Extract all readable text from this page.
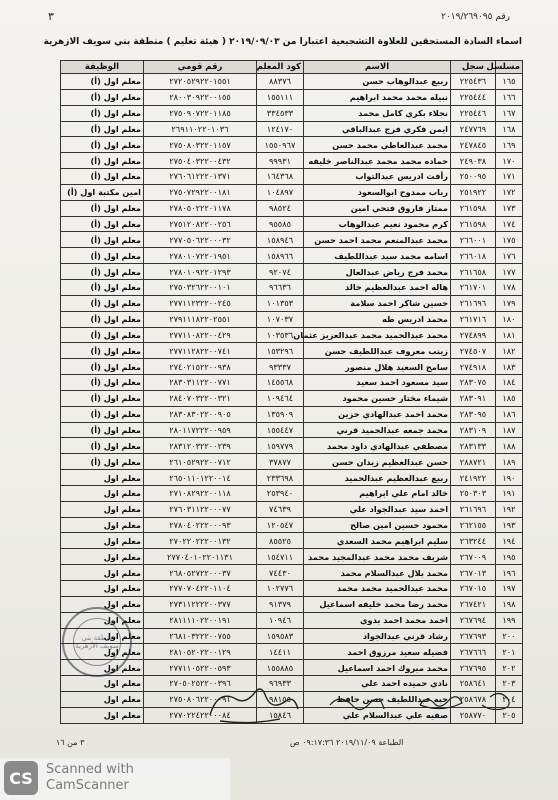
٣	رقم ٢٠١٩/٢٦٩٠٩٥
اسماء السادة المستحقين للعلاوة التشجيعية اعتبارا من ٢٠١٩/٠٩/٠٣ ( هيئة تعليم ) منطقة بني سويف الازهرية
مسلسل	سجل	الاسم	كود المعلم	رقم قومي	الوظيفة
١٦٥	٢٢٥٤٣٦	ربيع عبدالوهاب حسن	٨٨٣٧٦	٢٧٢٠٥٢٩٢٢٠١٥٥١	معلم اول (أ)
١٦٦	٢٢٥٤٤٤	نبيله محمد محمد ابراهيم	١٥٥١١١	٢٨٠٠٣٠٩٢٢٠٠١٥٥	معلم اول (أ)
١٦٧	٢٢٥٤٤٦	نجلاء بكري كامل محمد	٣٣٤٥٣٣	٢٧٥٠٩٠٧٢٢٠١١٨٥	معلم اول (أ)
١٦٨	٢٤٧٧٦٩	ايمن فكري فرج عبدالباقي	١٢٤١٧٠	٢٦٩١١٠٢٢٠١٠٣٦	معلم اول (أ)
١٦٩	٢٤٧٨٤٥	محمد عبدالعاطي محمد حسن	١٥٥٠٩٦٧	٢٧٥٠٨٠٣٢٢٠١١٥٧	معلم اول (أ)
١٧٠	٢٤٩٠٣٨	حماده محمد محمد عبدالناصر خليفه	٩٩٩٣١	٢٧٥٠٤٠٣٢٢٠٠٤٣٢	معلم اول (أ)
١٧١	٢٥٠٠٩٥	رأفت ادريس عبدالتواب	١٦٤٣٦٨	٢٧٦٠٦١٢٢٢٠١٣٧١	معلم اول (أ)
١٧٢	٢٥١٩٢٢	رباب ممدوح ابوالسعود	١٠٤٨٩٧	٢٧٥٠٧٢٩٢٢٠٠١٨١	امين مكتبة اول (أ)
١٧٣	٢٦١٥٩٨	ممتاز فاروق فتحي امين	٩٨٥٢٤	٢٧٨٠٥٠٢٢٢٠١١٧٨	معلم اول (أ)
١٧٤	٢٦١٥٩٨	كرم محمود نعيم عبدالوهاب	٩٥٥٨٥	٢٧٥١٢٠٨٢٢٠٠٢٥٦	معلم اول (أ)
١٧٥	٢٦٦٠٠١	محمد عبدالمنعم محمد احمد حسن	١٥٨٩٤٦	٢٧٧٠٥٠٦٢٢٠٠٠٣٢	معلم اول (أ)
١٧٦	٢٦٦٠١٨	اسامه محمد سيد عبداللطيف	١٥٨٩٦٦	٢٧٨٠١٠٧٢٢٠١٩٥١	معلم اول (أ)
١٧٧	٢٦١٦٥٨	محمد فرج رياض عبدالعال	٩٢٠٧٤	٢٧٨٠١٠٩٢٢٠١٢٩٣	معلم اول (أ)
١٧٨	٢٦١٧٠١	هاله احمد عبدالعظيم خالد	٩٦٦٣٦	٢٧٥٠٣٢٦٢٢٠٠١٠١	معلم اول (أ)
١٧٩	٢٦١٦٩٦	حسين شاكر احمد سلامة	١٠١٣٥٣	٢٧٧١١٢٣٢٢٠٠٢٤٥	معلم اول (أ)
١٨٠	٢٦١٧١٦	محمد ادريس طه	١٠٧٠٣٧	٢٧٩١١١٨٢٢٠٢٥٥١	معلم اول (أ)
١٨١	٢٧٤٨٩٩	محمد عبدالحميد محمد عبدالعزيز عثمان	١٠٣٥٣٦	٢٧٧١١٠٨٢٢٠٠٤٢٩	معلم اول (أ)
١٨٢	٢٧٤٥٠٧	زينب معروف عبداللطيف حسن	١٥٣٢٩٦	٢٧٧١١٢٨٢٢٠٠٧٤١	معلم اول (أ)
١٨٣	٢٧٤٩١٨	سامح السعيد هلال منصور	٩٣٣٣٧	٢٧٤٠٢١٥٢٢٠٠٩٣٨	معلم اول (أ)
١٨٤	٢٨٣٠٧٥	سيد مسعود احمد سعيد	١٤٥٥٦٨	٢٨٣٠٣١١٢٢٠٠٧٧١	معلم اول (أ)
١٨٥	٢٨٣٠٩١	شيماء مختار حسين محمود	١٠٩٤٦٤	٢٨٤٠٧٠٣٢٢٠٠٣٢١	معلم اول (أ)
١٨٦	٢٨٣٠٩٥	محمد احمد عبدالهادي حزين	١٣٥٩٠٩	٢٨٣٠٨٣٠٢٢٠٠٩٠٥	معلم اول (أ)
١٨٧	٢٨٣١٠٩	محمد جمعه عبدالحميد قرني	١٥٥٤٤٧	٢٨٠١١٧٢٢٢٠٠٩٥٩	معلم اول (أ)
١٨٨	٢٨٣١٣٣	مصطفي عبدالهادي داود محمد	١٥٩٧٧٩	٢٨٣١٢٠٣٢٢٠٠٢٣٩	معلم اول (أ)
١٨٩	٢٨٨٧٢١	حسن عبدالعظيم زيدان حسن	٣٧٨٧٧	٢٦١٠٥٢٩٢٢٠٠٧١٢	معلم اول (أ)
١٩٠	٢٤١٩٢٢	ربيع عبدالعظيم عبدالحميد	٢٣٣٦٩٨	٢٦٥٠١١٠١٢٢٠٠١٤	معلم اول
١٩١	٢٥٠٣٠٣	خالد امام علي ابراهيم	٢٥٣٩٤٠	٢٧١٠٨٢٩٢٢٠٠١١٨	معلم اول
١٩٢	٢٦١٦٩٦	احمد سيد عبدالجواد علي	٧٤٦٣٩	٢٧٦٠٣١١٢٢٠٠٠٧٧	معلم اول
١٩٣	٢٦٢١٥٥	محمود حسين امين صالح	١٢٠٥٤٧	٢٧٨٠٤٠٢٢٢٠٠٠٩٣	معلم اول
١٩٤	٢٦٣٢٤٤	سليم ابراهيم محمد السعدي	٨٥٥٢٥	٢٧٠٢٢٠٢٢٢٠٠١٣٢	معلم اول
١٩٥	٢٦٧٠٠٩	شريف محمد محمد عبدالمجيد محمد	١٥٤٧١١	٢٧٧٠٤٠١٠٢٢٠١١٣١	معلم اول
١٩٦	٢٦٧٠١٣	محمد بلال عبدالسلام محمد	٧٤٤٣٠	٢٦٨٠٥٢٧٢٢٠٠٠٣٧	معلم اول
١٩٧	٢٦٧٠١٥	محمد عبدالحميد محمد محمد	١٠٢٧٧٦	٢٧٧٠٧٠٤٢٢٠١١٠٤	معلم اول
١٩٨	٢٦٧٤٢١	محمد رضا محمد خليفه اسماعيل	٩١٣٧٩	٢٧٣١١٢٢٢٢٠٠٣٧٧	معلم اول
١٩٩	٢٦٧٦٩٤	احمد محمد احمد بدوي	١٠٩٤٦	٢٨١١١١٠٢٢٠٠١٩١	معلم اول
٢٠٠	٢٦٧٦٩٣	رشاد قرني عبدالجواد	١٥٩٥٨٣	٢٦٨١٠٣٢٢٢٠٠٧٥٥	معلم اول
٢٠١	٢٦٧٦٦٦	فضيله سعيد مرزوق احمد	١٤٤١١	٢٨١٠٥٢٠٢٢٠٠١٢٩	معلم اول
٢٠٢	٢٦٧٦٩٥	محمد مبروك احمد اسماعيل	١٥٥٨٨٥	٢٧٧١١٠٥٢٢٠٠٥٩٣	معلم اول
٢٠٣	٢٥٨٦٤١	نادي حميده احمد علي	٩٦٩٣٣	٢٧٠٥٠٢٥٢٢٠٠٣٩٦	معلم اول
٢٠٤	٢٥٨٦٧٨	حبه عبداللطيف حسن حافظ	٩٨١٥٥	٢٧٥٠٨٠٦٢٢٠٠٠٩١	معلم اول
٢٠٥	٢٥٨٧٧٠	صفيه علي عبدالسلام علي	١٥٨٤٦	٢٧٧٠٢٢٤٢٢٠٠٠٨٤	معلم اول
منطقة بني سويف الأزهرية
الطباعة ٢٠١٩/١١/٠٩ ٠٩:١٧:٣٦ ص
٣ من ١٦
CS	Scanned with
CamScanner
